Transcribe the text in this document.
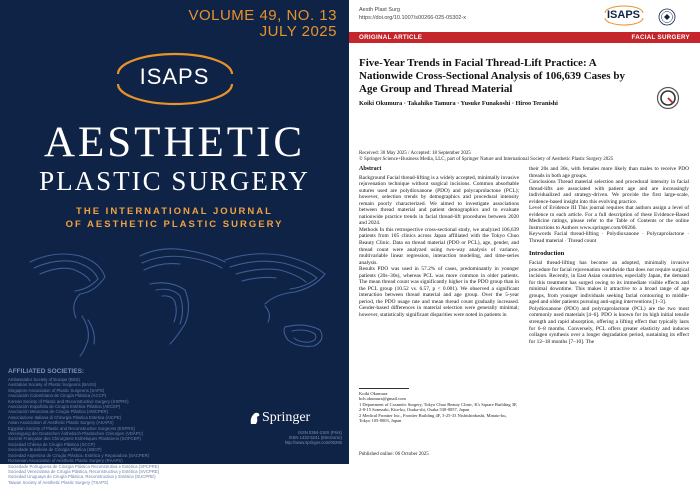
VOLUME 49, NO. 13
JULY 2025
ISAPS
AESTHETIC
PLASTIC SURGERY
THE INTERNATIONAL JOURNAL
OF AESTHETIC PLASTIC SURGERY
AFFILIATED SOCIETIES:
Ambassador Society of Europe (BSS)
Australian Society of Plastic Surgeons (BASS)
Singapore Association of Plastic Surgeons (SAPS)
Asociación Colombiana de Cirugía Plástica (ACCP)
Korean Society of Plastic and Reconstructive Surgery (KSPRS)
Asociación Española de Cirugía Estética Plástica (AECEP)
Asociación Mexicana de Cirugía Plástica (AMCPER)
Associazione Italiana di Chirurgia Plastica Estetica (AICPE)
Asian Association of Aesthetic Plastic Surgery (ASAPS)
Egyptian Society of Plastic and Reconstructive Surgeons (ESPRS)
Vereinigung der Deutschen Ästhetisch-Plastischen Chirurgen (VDÄPC)
Société Française des Chirurgiens Esthétiques Plasticiens (SOFCEP)
Sociedad Chilena de Cirugía Plástica (SCCP)
Sociedade Brasileira de Cirurgia Plástica (SBCP)
Sociedad Argentina de Cirugía Plástica, Estética y Reparadora (SACPER)
Romanian Association of Aesthetic Plastic Surgery (RAAPS)
Sociedade Portuguesa de Cirurgia Plástica Reconstrutiva e Estética (SPCPRE)
Sociedad Venezolana de Cirugía Plástica, Reconstructiva y Estética (SVCPRE)
Sociedad Uruguaya de Cirugía Plástica, Reconstructiva y Estética (SUCPRE)
Taiwan Society of Aesthetic Plastic Surgery (TSAPS)
Springer
ISSN 0364-216X (Print)
ISSN 1432-5241 (Electronic)
http://www.springer.com/00266
Aesth Plast Surg
https://doi.org/10.1007/s00266-025-05302-x	ISAPS
ORIGINAL ARTICLE	FACIAL SURGERY
Five-Year Trends in Facial Thread-Lift Practice: A Nationwide Cross-Sectional Analysis of 106,639 Cases by Age Group and Thread Material
Koiki Okumura · Takahiko Tamura · Yusuke Funakoshi · Hiroo Teranishi
Received: 30 May 2025 / Accepted: 18 September 2025
© Springer Science+Business Media, LLC, part of Springer Nature and International Society of Aesthetic Plastic Surgery 2025
Abstract

Background Facial thread-lifting is a widely accepted, minimally invasive rejuvenation technique without surgical incisions. Common absorbable sutures used are polydioxanone (PDO) and polycaprolactone (PCL); however, selection trends by demographics and procedural intensity remain poorly characterized. We aimed to investigate associations between thread material and patient demographics and to evaluate nationwide practice trends in facial thread-lift procedures between 2020 and 2024.

Methods In this retrospective cross-sectional study, we analyzed 106,639 patients from 105 clinics across Japan affiliated with the Tokyo Chuo Beauty Clinic. Data on thread material (PDO or PCL), age, gender, and thread count were analyzed using two-way analysis of variance, multivariable linear regression, interaction modeling, and time-series analysis.

Results PDO was used in 57.2% of cases, predominantly in younger patients (20s–30s), whereas PCL was more common in older patients. The mean thread count was significantly higher in the PDO group than in the PCL group (10.52 vs. 6.57, p < 0.001). We observed a significant interaction between thread material and age group. Over the 5-year period, the PDO usage rate and mean thread count gradually increased. Gender-based differences in material selection were generally minimal; however, statistically significant disparities were noted in patients in

Koiki Okumura
kch.okumura@gmail.com
1 Department of Cosmetic Surgery, Tokyo Chuo Beauty Clinic, K's Square Building 3F, 2-8-15 Sonezaki, Kita-ku, Osaka-shi, Osaka 530-0057, Japan
2 Medical Frontier Inc., Frontier Building 4F, 3-25-33 Nishishinbashi, Minato-ku, Tokyo 105-0003, Japan

their 20s and 30s, with females more likely than males to receive PDO threads in both age groups.

Conclusions Thread material selection and procedural intensity in facial thread-lifts are associated with patient age and are increasingly individualized and strategy-driven. We provide the first large-scale, evidence-based insight into this evolving practice.

Level of Evidence III This journal requires that authors assign a level of evidence to each article. For a full description of these Evidence-Based Medicine ratings, please refer to the Table of Contents or the online Instructions to Authors www.springer.com/00266.

Keywords Facial thread-lifting · Polydioxanone · Polycaprolactone · Thread material · Thread count

Introduction

Facial thread-lifting has become an adopted, minimally invasive procedure for facial rejuvenation worldwide that does not require surgical incision. Recently, in East Asian countries, especially Japan, the demand for this treatment has surged owing to its immediate visible effects and minimal downtime. This makes it attractive to a broad range of age groups, from younger individuals seeking facial contouring to middle-aged and older patients pursuing anti-aging interventions [1–3].

Polydioxanone (PDO) and polycaprolactone (PCL) are the two most commonly used materials [4–6]. PDO is known for its high initial tensile strength and rapid absorption, offering a lifting effect that typically lasts for 6–8 months. Conversely, PCL offers greater elasticity and induces collagen synthesis over a longer degradation period, sustaining its effect for 12–18 months [7–10]. The

Published online: 06 October 2025
